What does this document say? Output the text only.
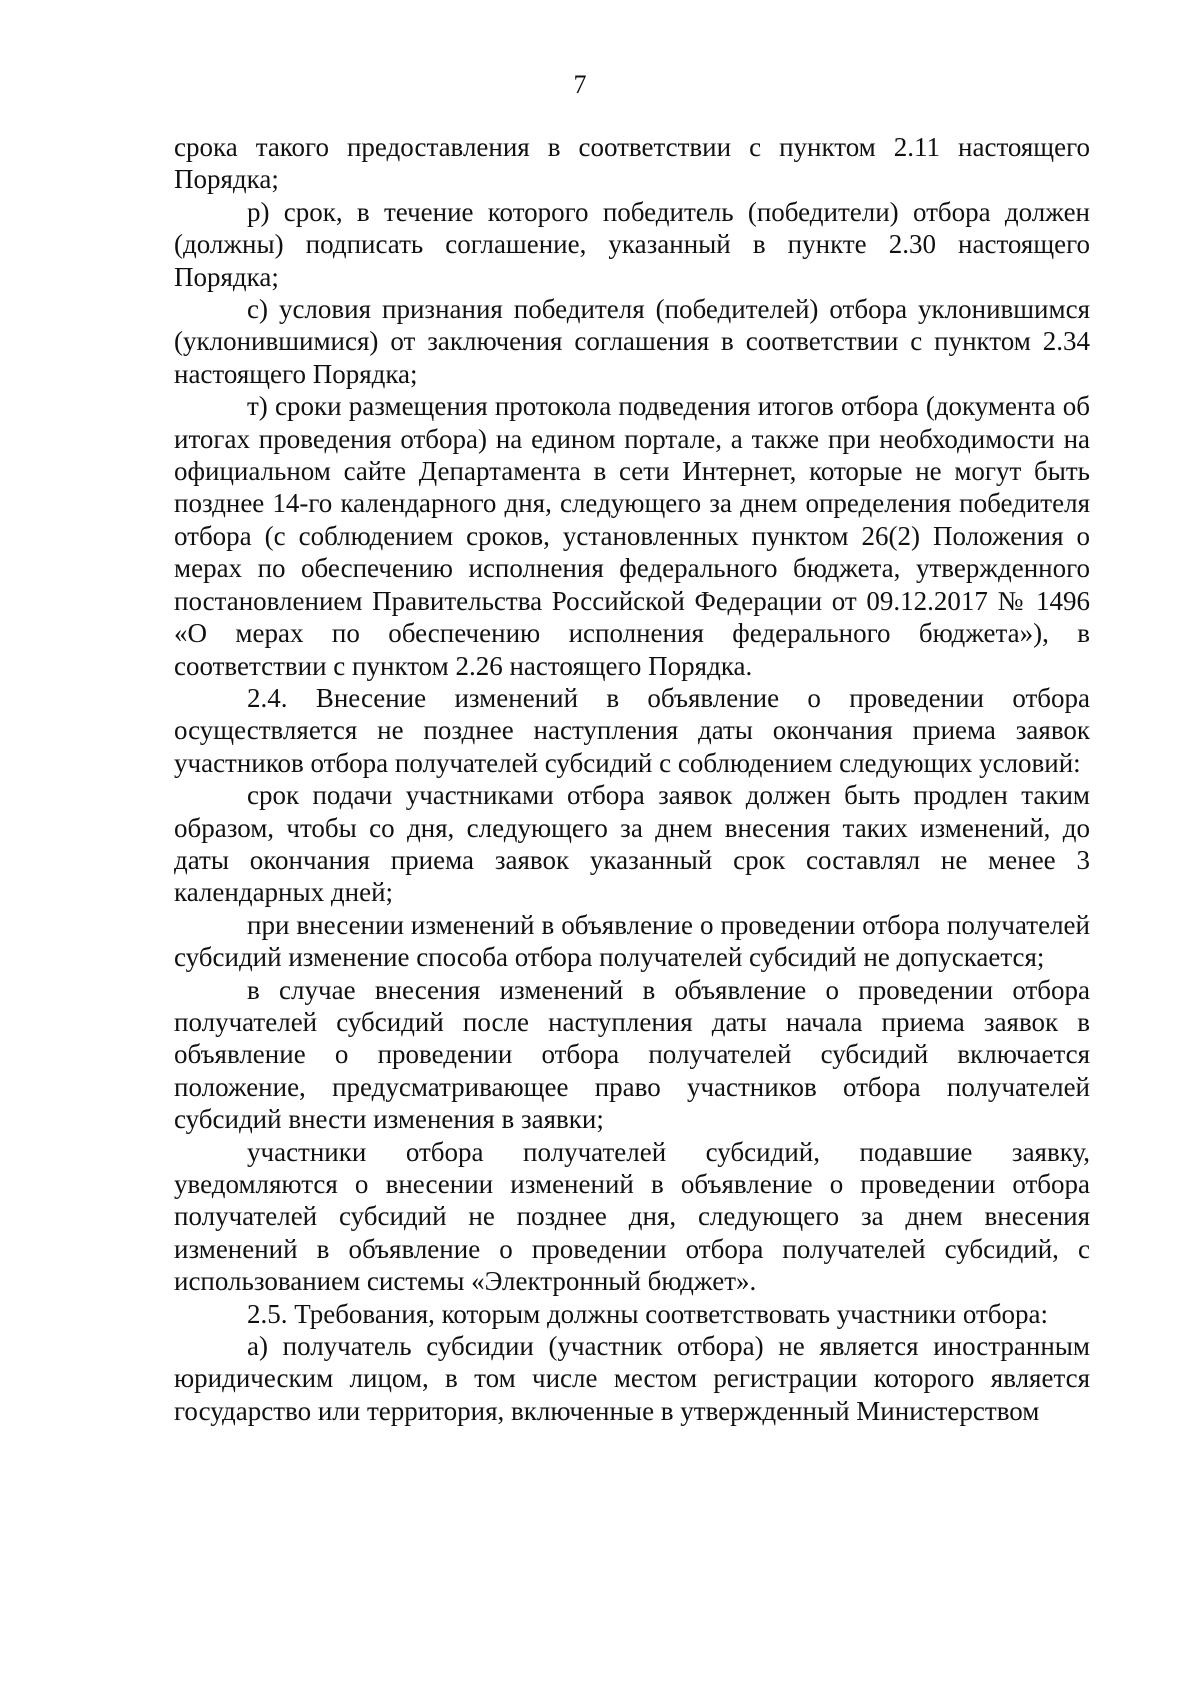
7

срока такого предоставления в соответствии с пунктом 2.11 настоящего Порядка;

р) срок, в течение которого победитель (победители) отбора должен (должны) подписать соглашение, указанный в пункте 2.30 настоящего Порядка;

с) условия признания победителя (победителей) отбора уклонившимся (уклонившимися) от заключения соглашения в соответствии с пунктом 2.34 настоящего Порядка;

т) сроки размещения протокола подведения итогов отбора (документа об итогах проведения отбора) на едином портале, а также при необходимости на официальном сайте Департамента в сети Интернет, которые не могут быть позднее 14-го календарного дня, следующего за днем определения победителя отбора (с соблюдением сроков, установленных пунктом 26(2) Положения о мерах по обеспечению исполнения федерального бюджета, утвержденного постановлением Правительства Российской Федерации от 09.12.2017 № 1496 «О мерах по обеспечению исполнения федерального бюджета»), в соответствии с пунктом 2.26 настоящего Порядка.

2.4. Внесение изменений в объявление о проведении отбора осуществляется не позднее наступления даты окончания приема заявок участников отбора получателей субсидий с соблюдением следующих условий:

срок подачи участниками отбора заявок должен быть продлен таким образом, чтобы со дня, следующего за днем внесения таких изменений, до даты окончания приема заявок указанный срок составлял не менее 3 календарных дней;

при внесении изменений в объявление о проведении отбора получателей субсидий изменение способа отбора получателей субсидий не допускается;

в случае внесения изменений в объявление о проведении отбора получателей субсидий после наступления даты начала приема заявок в объявление о проведении отбора получателей субсидий включается положение, предусматривающее право участников отбора получателей субсидий внести изменения в заявки;

участники отбора получателей субсидий, подавшие заявку, уведомляются о внесении изменений в объявление о проведении отбора получателей субсидий не позднее дня, следующего за днем внесения изменений в объявление о проведении отбора получателей субсидий, с использованием системы «Электронный бюджет».

2.5. Требования, которым должны соответствовать участники отбора:

а) получатель субсидии (участник отбора) не является иностранным юридическим лицом, в том числе местом регистрации которого является государство или территория, включенные в утвержденный Министерством
